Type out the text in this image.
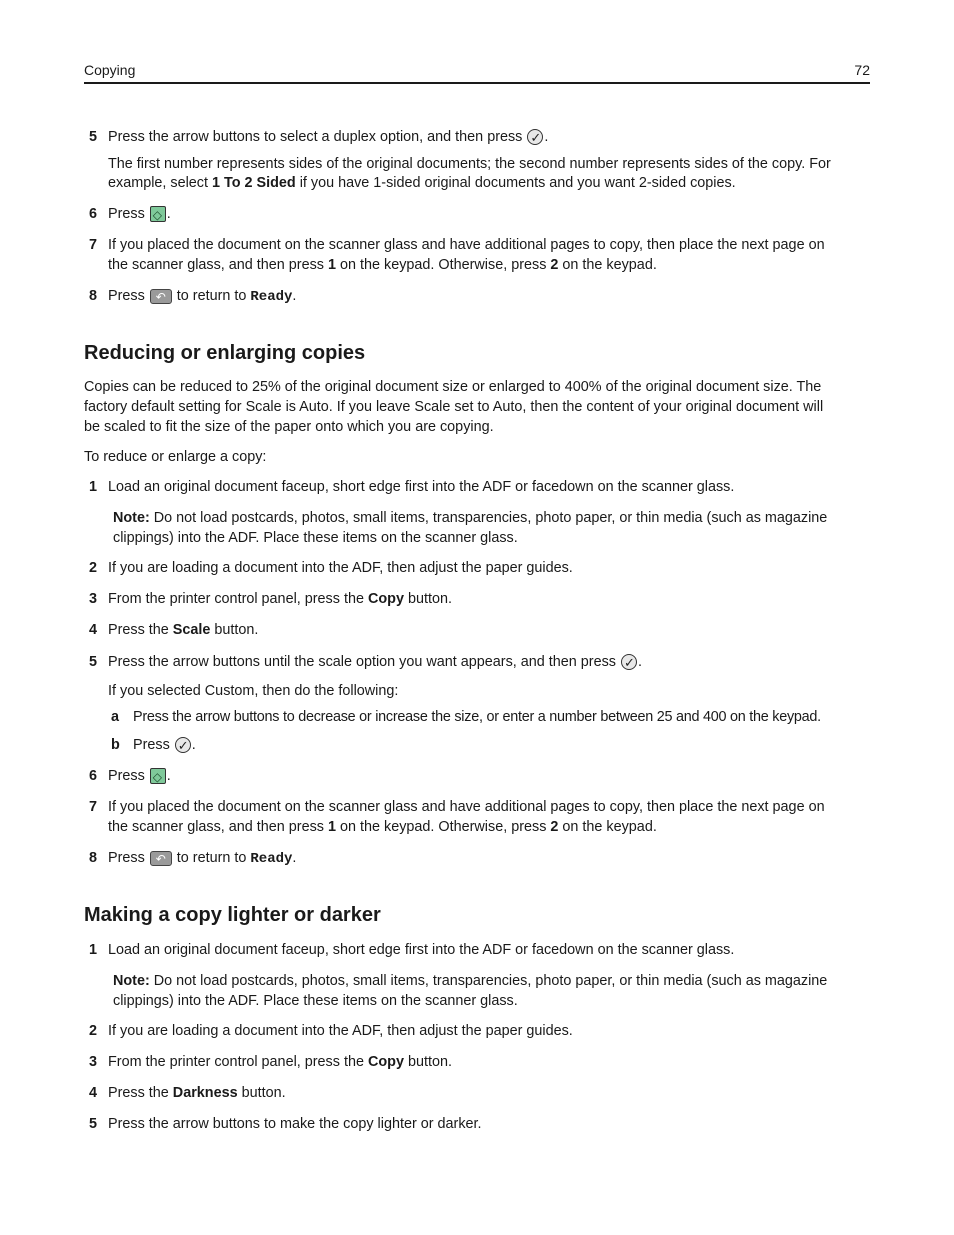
Copying	72
5 Press the arrow buttons to select a duplex option, and then press ✓ .
The first number represents sides of the original documents; the second number represents sides of the copy. For
example, select 1 To 2 Sided if you have 1-sided original documents and you want 2-sided copies.
6 Press ◇ .
7 If you placed the document on the scanner glass and have additional pages to copy, then place the next page on
the scanner glass, and then press 1 on the keypad. Otherwise, press 2 on the keypad.
8 Press ↶ to return to Ready.
Reducing or enlarging copies
Copies can be reduced to 25% of the original document size or enlarged to 400% of the original document size. The
factory default setting for Scale is Auto. If you leave Scale set to Auto, then the content of your original document will
be scaled to fit the size of the paper onto which you are copying.
To reduce or enlarge a copy:
1 Load an original document faceup, short edge first into the ADF or facedown on the scanner glass.
Note: Do not load postcards, photos, small items, transparencies, photo paper, or thin media (such as magazine
clippings) into the ADF. Place these items on the scanner glass.
2 If you are loading a document into the ADF, then adjust the paper guides.
3 From the printer control panel, press the Copy button.
4 Press the Scale button.
5 Press the arrow buttons until the scale option you want appears, and then press ✓ .
If you selected Custom, then do the following:
a Press the arrow buttons to decrease or increase the size, or enter a number between 25 and 400 on the keypad.
b Press ✓ .
6 Press ◇ .
7 If you placed the document on the scanner glass and have additional pages to copy, then place the next page on
the scanner glass, and then press 1 on the keypad. Otherwise, press 2 on the keypad.
8 Press ↶ to return to Ready.
Making a copy lighter or darker
1 Load an original document faceup, short edge first into the ADF or facedown on the scanner glass.
Note: Do not load postcards, photos, small items, transparencies, photo paper, or thin media (such as magazine
clippings) into the ADF. Place these items on the scanner glass.
2 If you are loading a document into the ADF, then adjust the paper guides.
3 From the printer control panel, press the Copy button.
4 Press the Darkness button.
5 Press the arrow buttons to make the copy lighter or darker.
